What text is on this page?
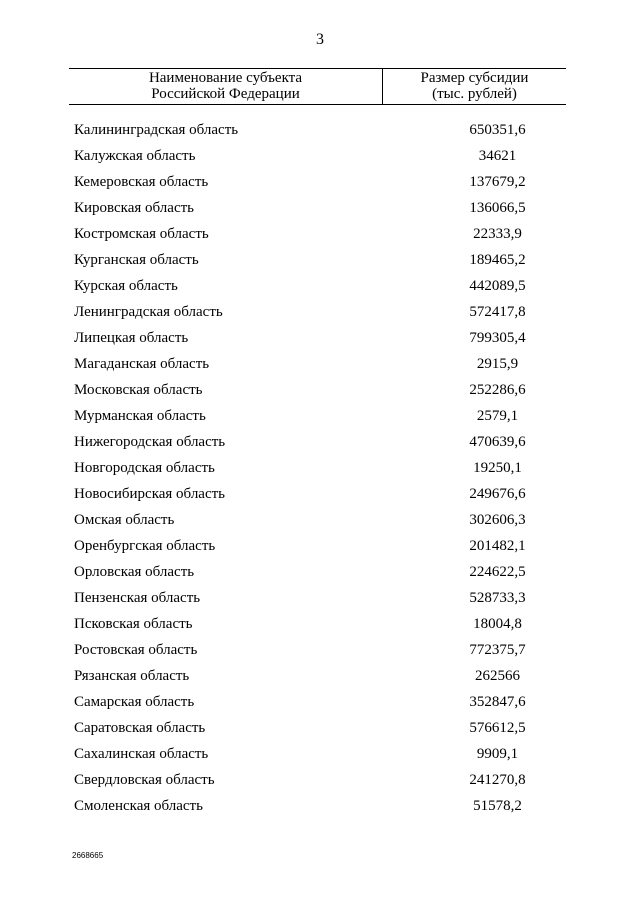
3
Наименование субъекта
Российской Федерации
Размер субсидии
(тыс. рублей)
Калининградская область	650351,6
Калужская область	34621
Кемеровская область	137679,2
Кировская область	136066,5
Костромская область	22333,9
Курганская область	189465,2
Курская область	442089,5
Ленинградская область	572417,8
Липецкая область	799305,4
Магаданская область	2915,9
Московская область	252286,6
Мурманская область	2579,1
Нижегородская область	470639,6
Новгородская область	19250,1
Новосибирская область	249676,6
Омская область	302606,3
Оренбургская область	201482,1
Орловская область	224622,5
Пензенская область	528733,3
Псковская область	18004,8
Ростовская область	772375,7
Рязанская область	262566
Самарская область	352847,6
Саратовская область	576612,5
Сахалинская область	9909,1
Свердловская область	241270,8
Смоленская область	51578,2
2668665
